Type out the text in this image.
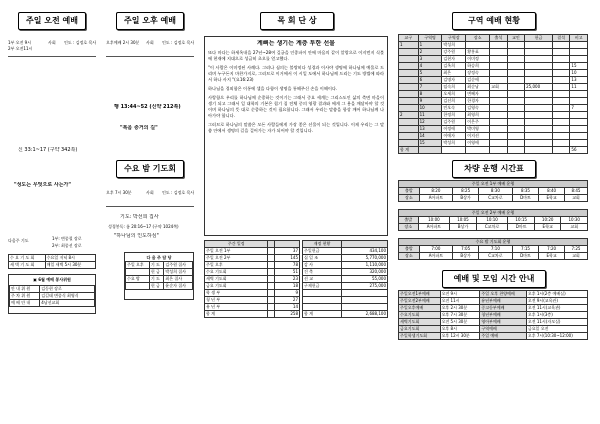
주일 오전 예배
1부 오전 9시
2부 오전11시
사회 인도 : 김정호 목사
신 33:1~17 (구약 342쪽)
"성도는 무엇으로 사는가"
다음주 기도	1부: 변종철 장로
2부: 최종선 장로
수 요 기 도 회	수요일 저녁 8시
새 벽 기 도 회	매일 새벽 5시 30분
▣ 6월 예배 봉사위원
안 내 위 원	김동현 장로
주 차 위 원	김길태 변종식 최영식
예 배 안 내	4남선교회
주일 오후 예배
오후예배 2시 30분 사회 인도 : 김정호 목사
행 13:44~52 (신약 212쪽)
"복음 증거의 길"
수요 밤 기도회
오후 7시 30분	사회 인도 : 김정호 목사
기도: 박선희 집사
성경봉독: 롬 20:16~17 (구약 1024쪽)
"하나님의 인도하심"
다 음 주 담 당
주일 오후	기 도	김주원 집사
	헌 금	박성희 집사
수요 밤	기 도	최은 집사
	헌 금	윤순자 집사
목 회 단 상
계뻐는 생기는 계층 투한 선물

또다 마다는 하세옥내을 27년~28여 깊궁을 인종파이 안에 마음의 같이 알랑으로 이지먼지 식불에 현재에 지대으로 성급히 초오를 얻고했다.

"이 사람은 이미정된 사례다. 그러나 심의는 불쌍히다 성경과 이사야 생명에 하나님께 예물로 드리며 누구든지 마찬가지로, 그러므로 이거에서 이 시일 도에서 하나님께 드리는 기도 방법에 따라서 하나 사지 "(요16:23)

하나님을 경외함은 이통에 셀을 다함이 생명을 통해주신 손을 이해이다.

사랑함으 우리를 하나님께 순종하는 것이기는 그래서 중요 세계는 그리스도인 삶의 측면 마을이 생기 되고 그래서 일 대학의 기본은 첩기 집 전체 중의 영광 결과와 에게 그 용을 깨달아야 할 것 이며 하나님의 뜻 대로 순종하는 것이 필요합니다. 그래서 우리는 말씀을 항상 깨어 하나님께 나아가야 합니다.

그러므로 하나님의 말씀은 모든 사람들에게 가장 좋은 선물이 되는 것입니다. 이제 우리는 그 말씀 안에서 생명의 길을 걸어가는 자가 되어야 할 것입니다.

주간 일정		
주일 오전 1부		37
주일 오전 2부		145
주일 오후		78
수요 기도회		51
새벽 기도회		23
금요 기도회		18
학 생 부		9
청 년 부		27
유 년 부		14
합 계		258
재정 현황	
주일헌금	434,100
십 일 조	5,770,000
감 사	1,110,000
건 축	320,000
선 교	55,000
구제헌금	275,000

합 계	2,688,100
구역 예배 현황
교구	구역명	구역장	장소	출석	교인	헌금	결석	비고
1	1	박성희						
	2	강주원	황홍표					
	3	김현자	이미정					
	4	김옥희	하승희					15
	5	최은	장정숙					10
	6	김명자	김순애					13
	7	임숙희	최순남	교회		25,000		11
	8	오세희	변혜자					
	9	김선희	한경자					
	10	민오숙	김영숙					7
2	11	한정희	최영희					
	12	김주원	이은주					
	13	이정애	박미영					
	14	이애자	이지선					
	15	박성희	이영애					
합 계								56
차량 운행 시간표
주일 오전 1부 예배 운행
출발	8:20	8:25	8:30	8:35	8:40	8:45
장소	A아파트	B상가	C교차로	D마트	E학교	교회
주일 오전 2부 예배 운행
출발	10:00	10:05	10:10	10:15	10:20	10:30
장소	A아파트	B상가	C교차로	D마트	E학교	교회
수요 밤 기도회 운행
출발	7:00	7:05	7:10	7:15	7:20	7:25
장소	A아파트	B상가	C교차로	D마트	E학교	교회
예배 및 모임 시간 안내
주일오전1부예배	오전 9시	주일 오후 찬양예배	오후 1시(2층 예배실)
주일오전2부예배	오전 11시	유년부예배	오전 9시(교육관)
주일오후예배	오후 2시 30분	중고등부예배	오전 11시(교육관)
수요기도회	오후 7시 30분	청년부예배	오후 1시(3층)
새벽기도회	오전 5시 30분	영아부예배	오전 11시(자모실)
금요기도회	오후 8시	구역예배	금요일 오전
주일학생기도회	오후 12시 30분	주일 예배	오후 7시(10:30~12:00)
